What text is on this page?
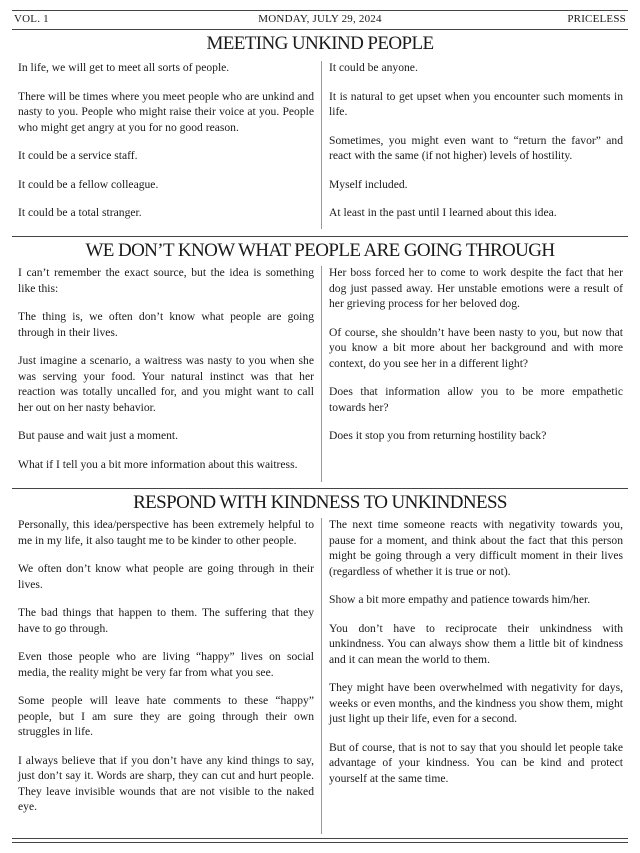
VOL. 1	MONDAY, JULY 29, 2024	PRICELESS
MEETING UNKIND PEOPLE

In life, we will get to meet all sorts of people.

There will be times where you meet people who are unkind and nasty to you. People who might raise their voice at you. People who might get angry at you for no good reason.

It could be a service staff.

It could be a fellow colleague.

It could be a total stranger.

It could be anyone.

It is natural to get upset when you encounter such moments in life.

Sometimes, you might even want to “return the favor” and react with the same (if not higher) levels of hostility.

Myself included.

At least in the past until I learned about this idea.

WE DON’T KNOW WHAT PEOPLE ARE GOING THROUGH

I can’t remember the exact source, but the idea is something like this:

The thing is, we often don’t know what people are going through in their lives.

Just imagine a scenario, a waitress was nasty to you when she was serving your food. Your natural instinct was that her reaction was totally uncalled for, and you might want to call her out on her nasty behavior.

But pause and wait just a moment.

What if I tell you a bit more information about this waitress.

Her boss forced her to come to work despite the fact that her dog just passed away. Her unstable emotions were a result of her grieving process for her beloved dog.

Of course, she shouldn’t have been nasty to you, but now that you know a bit more about her background and with more context, do you see her in a different light?

Does that information allow you to be more empathetic towards her?

Does it stop you from returning hostility back?

RESPOND WITH KINDNESS TO UNKINDNESS

Personally, this idea/perspective has been extremely helpful to me in my life, it also taught me to be kinder to other people.

We often don’t know what people are going through in their lives.

The bad things that happen to them. The suffering that they have to go through.

Even those people who are living “happy” lives on social media, the reality might be very far from what you see.

Some people will leave hate comments to these “happy” people, but I am sure they are going through their own struggles in life.

I always believe that if you don’t have any kind things to say, just don’t say it. Words are sharp, they can cut and hurt people. They leave invisible wounds that are not visible to the naked eye.

The next time someone reacts with negativity towards you, pause for a moment, and think about the fact that this person might be going through a very difficult moment in their lives (regardless of whether it is true or not).

Show a bit more empathy and patience towards him/her.

You don’t have to reciprocate their unkindness with unkindness. You can always show them a little bit of kindness and it can mean the world to them.

They might have been overwhelmed with negativity for days, weeks or even months, and the kindness you show them, might just light up their life, even for a second.

But of course, that is not to say that you should let people take advantage of your kindness. You can be kind and protect yourself at the same time.
